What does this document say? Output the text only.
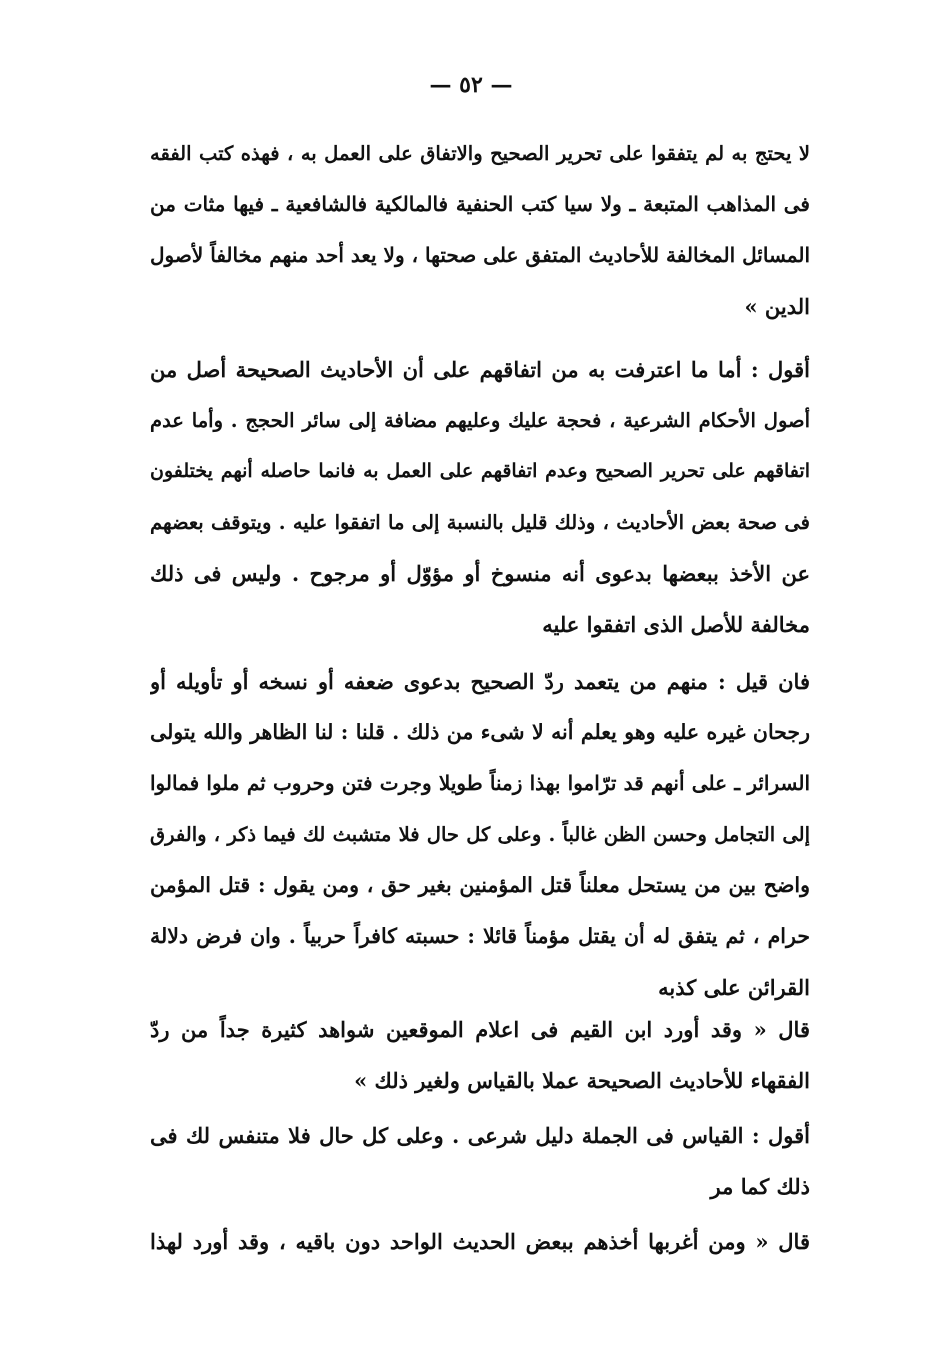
— ٥٢ —
لا يحتج به لم يتفقوا على تحرير الصحيح والاتفاق على العمل به ، فهذه كتب الفقه
فى المذاهب المتبعة ـ ولا سيا كتب الحنفية فالمالكية فالشافعية ـ فيها مثات من
المسائل المخالفة للأحاديث المتفق على صحتها ، ولا يعد أحد منهم مخالفاً لأصول
الدين »
أقول : أما ما اعترفت به من اتفاقهم على أن الأحاديث الصحيحة أصل من
أصول الأحكام الشرعية ، فحجة عليك وعليهم مضافة إلى سائر الحجج . وأما عدم
اتفاقهم على تحرير الصحيح وعدم اتفاقهم على العمل به فانما حاصله أنهم يختلفون
فى صحة بعض الأحاديث ، وذلك قليل بالنسبة إلى ما اتفقوا عليه . ويتوقف بعضهم
عن الأخذ ببعضها بدعوى أنه منسوخ أو مؤوّل أو مرجوح . وليس فى ذلك
مخالفة للأصل الذى اتفقوا عليه
فان قيل : منهم من يتعمد ردّ الصحيح بدعوى ضعفه أو نسخه أو تأويله أو
رجحان غيره عليه وهو يعلم أنه لا شىء من ذلك . قلنا : لنا الظاهر والله يتولى
السرائر ـ على أنهم قد ترّاموا بهذا زمناً طويلا وجرت فتن وحروب ثم ملوا فمالوا
إلى التجامل وحسن الظن غالباً . وعلى كل حال فلا متشبث لك فيما ذكر ، والفرق
واضح بين من يستحل معلناً قتل المؤمنين بغير حق ، ومن يقول : قتل المؤمن
حرام ، ثم يتفق له أن يقتل مؤمناً قائلا : حسبته كافراً حربياً . وان فرض دلالة
القرائن على كذبه
قال « وقد أورد ابن القيم فى اعلام الموقعين شواهد كثيرة جداً من ردّ
الفقهاء للأحاديث الصحيحة عملا بالقياس ولغير ذلك »
أقول : القياس فى الجملة دليل شرعى . وعلى كل حال فلا متنفس لك فى
ذلك كما مر
قال « ومن أغربها أخذهم ببعض الحديث الواحد دون باقيه ، وقد أورد لهذا
